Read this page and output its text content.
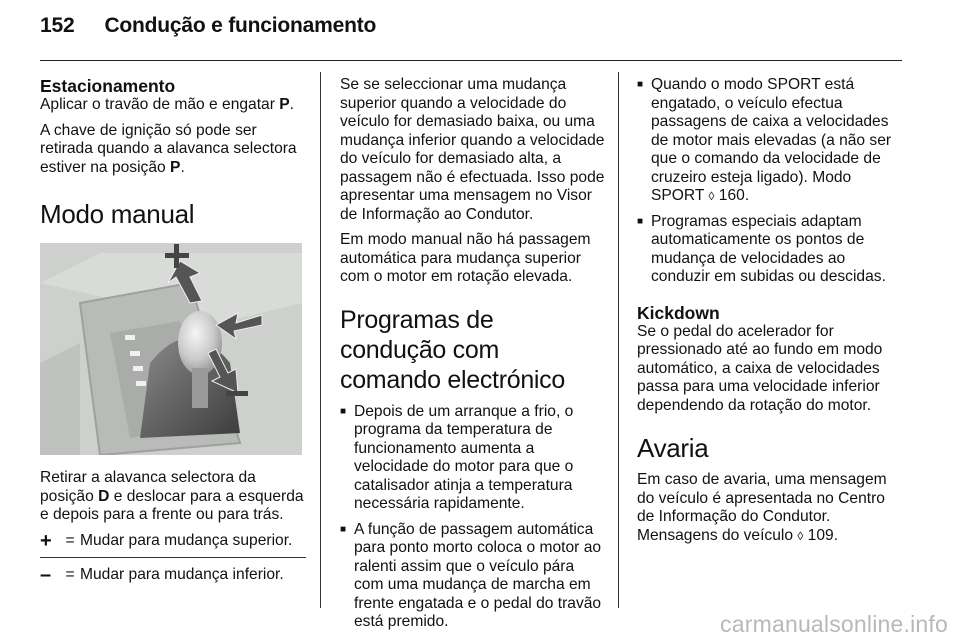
152 Condução e funcionamento
Estacionamento

Aplicar o travão de mão e engatar P.

A chave de ignição só pode ser retirada quando a alavanca selectora estiver na posição P.

Modo manual

Retirar a alavanca selectora da posição D e deslocar para a esquerda e depois para a frente ou para trás.

+ = Mudar para mudança superior.
– = Mudar para mudança inferior.

Se se seleccionar uma mudança superior quando a velocidade do veículo for demasiado baixa, ou uma mudança inferior quando a velocidade do veículo for demasiado alta, a passagem não é efectuada. Isso pode apresentar uma mensagem no Visor de Informação ao Condutor.

Em modo manual não há passagem automática para mudança superior com o motor em rotação elevada.

Programas de condução com comando electrónico
■ Depois de um arranque a frio, o programa da temperatura de funcionamento aumenta a velocidade do motor para que o catalisador atinja a temperatura necessária rapidamente.
■ A função de passagem automática para ponto morto coloca o motor ao ralenti assim que o veículo pára com uma mudança de marcha em frente engatada e o pedal do travão está premido.
■ Quando o modo SPORT está engatado, o veículo efectua passagens de caixa a velocidades de motor mais elevadas (a não ser que o comando da velocidade de cruzeiro esteja ligado). Modo SPORT ◊ 160.
■ Programas especiais adaptam automaticamente os pontos de mudança de velocidades ao conduzir em subidas ou descidas.
Kickdown

Se o pedal do acelerador for pressionado até ao fundo em modo automático, a caixa de velocidades passa para uma velocidade inferior dependendo da rotação do motor.

Avaria

Em caso de avaria, uma mensagem do veículo é apresentada no Centro de Informação do Condutor. Mensagens do veículo ◊ 109.

carmanualsonline.info
